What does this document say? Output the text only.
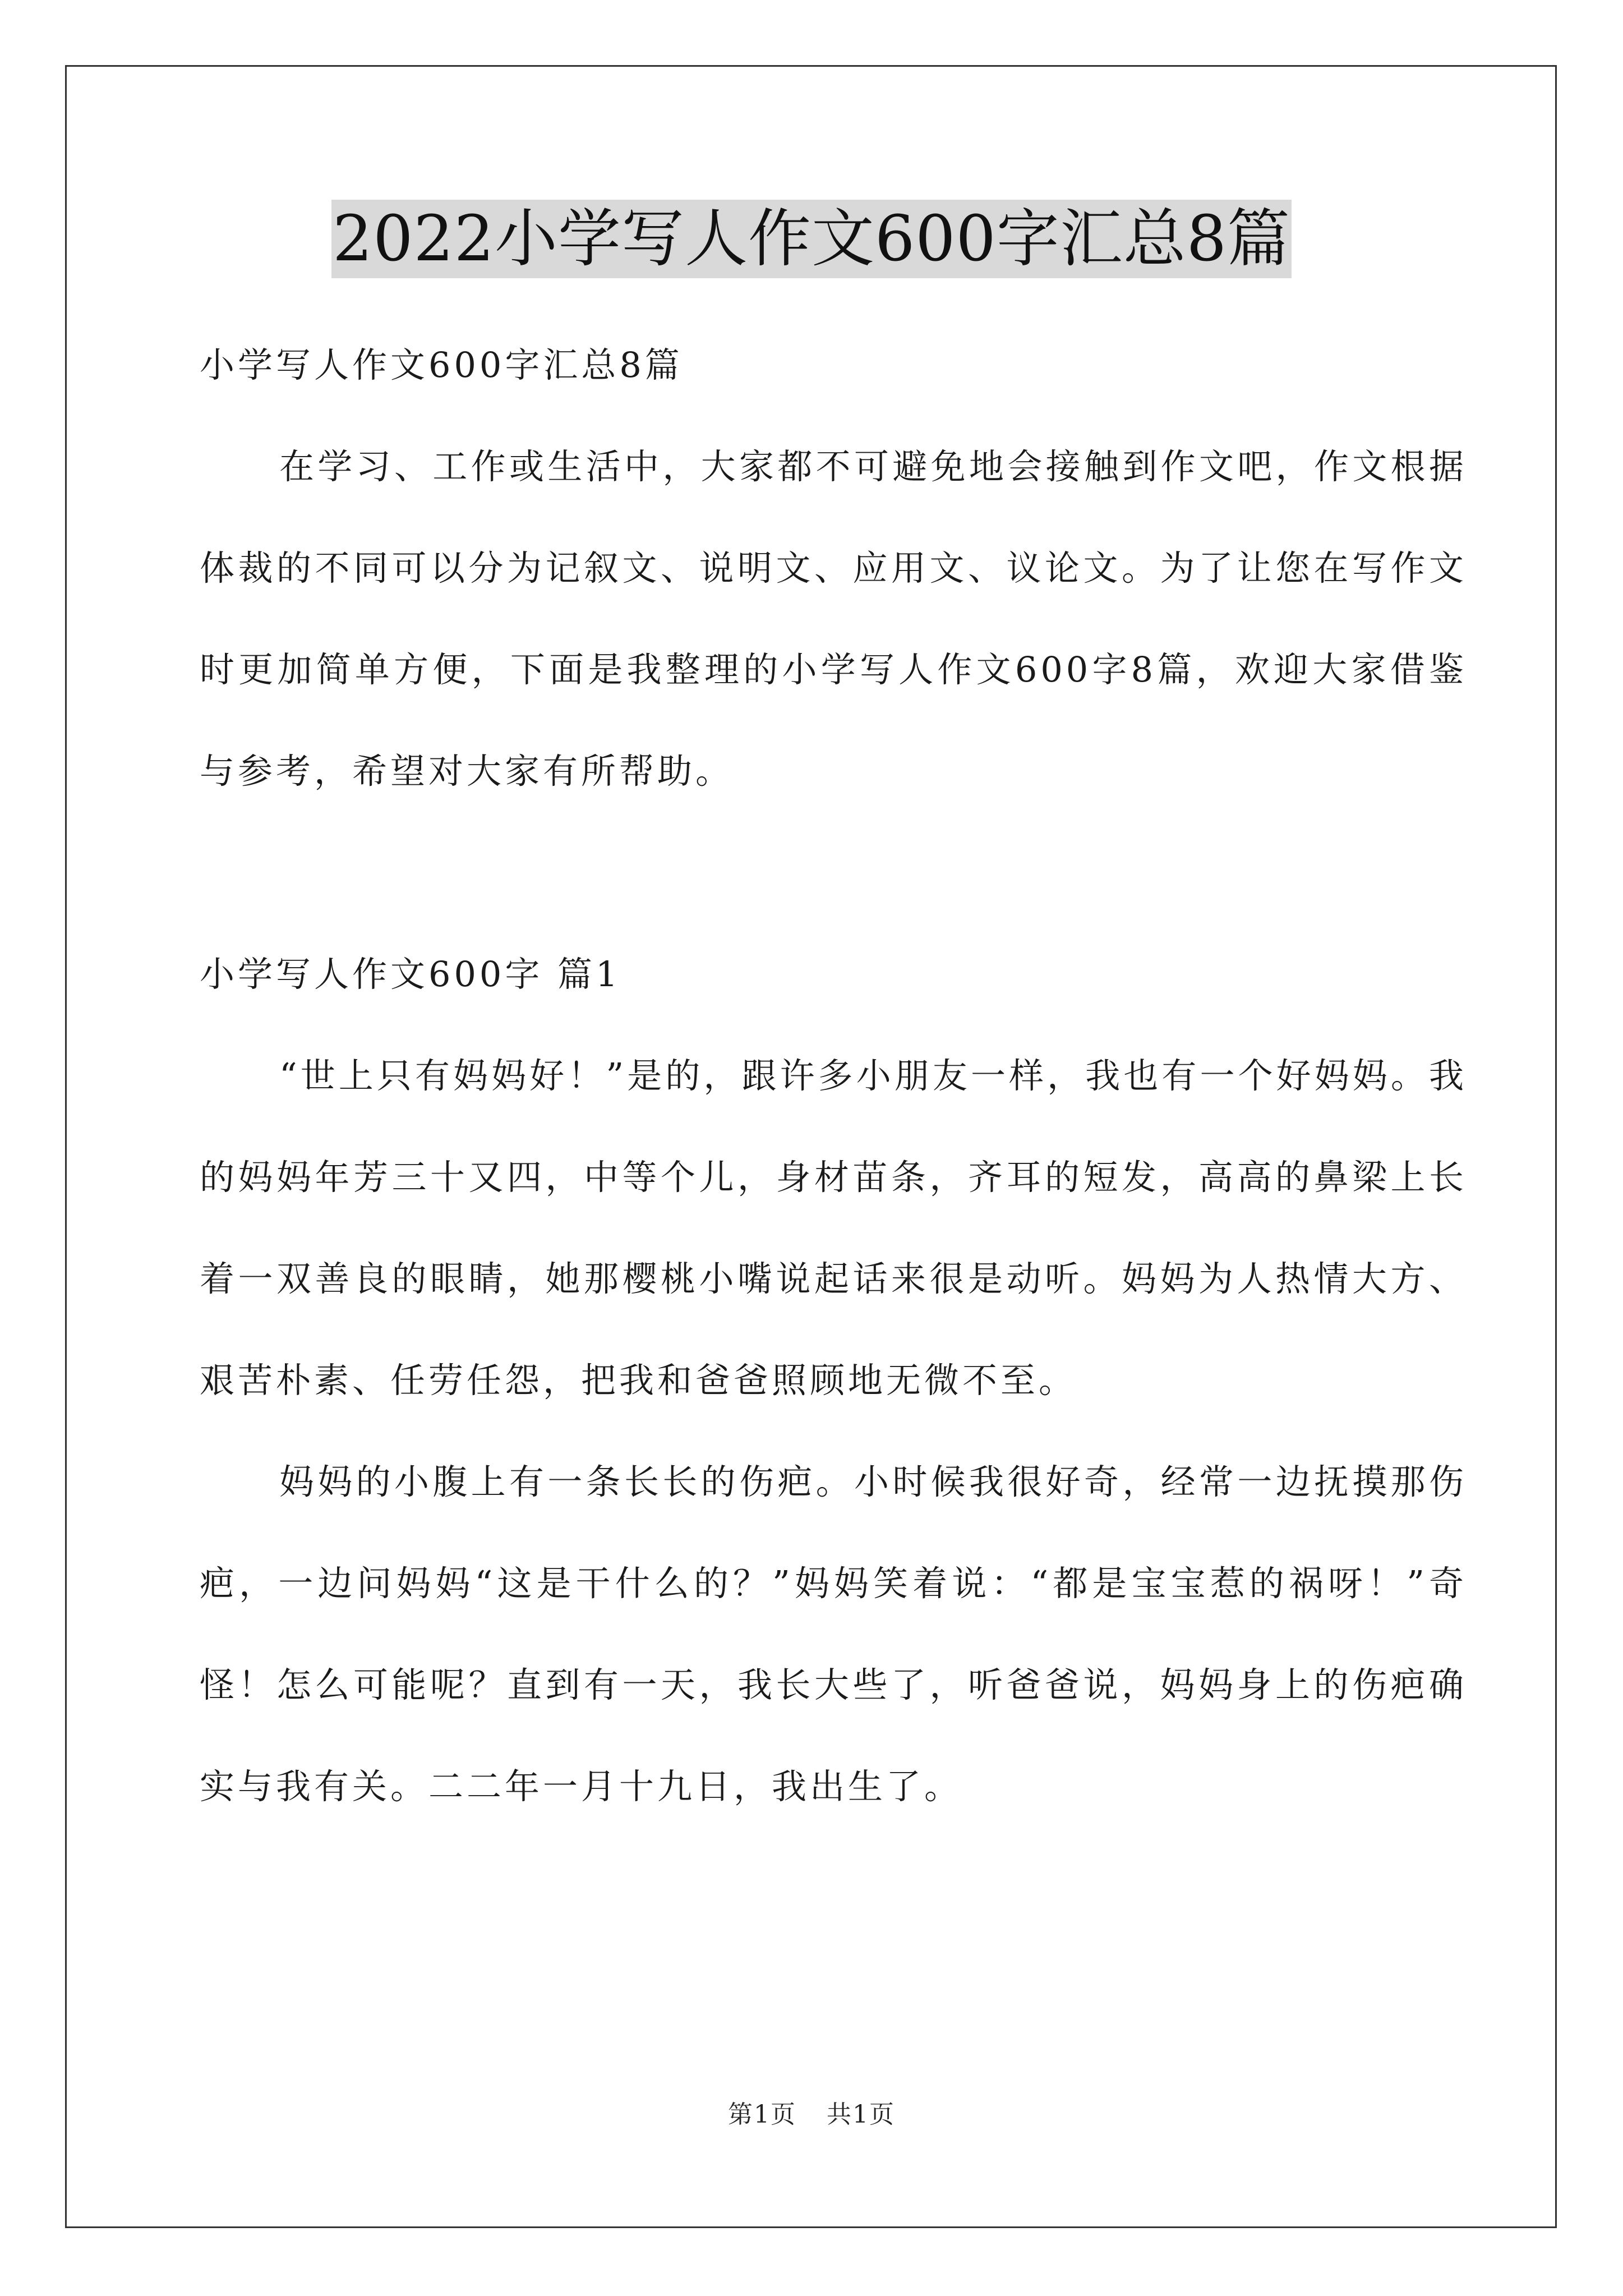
2022小学写人作文600字汇总8篇

小学写人作文600字汇总8篇

在学习、工作或生活中，大家都不可避免地会接触到作文吧，作文根据体裁的不同可以分为记叙文、说明文、应用文、议论文。为了让您在写作文时更加简单方便，下面是我整理的小学写人作文600字8篇，欢迎大家借鉴与参考，希望对大家有所帮助。

小学写人作文600字 篇1

“世上只有妈妈好！”是的，跟许多小朋友一样，我也有一个好妈妈。我的妈妈年芳三十又四，中等个儿，身材苗条，齐耳的短发，高高的鼻梁上长着一双善良的眼睛，她那樱桃小嘴说起话来很是动听。妈妈为人热情大方、艰苦朴素、任劳任怨，把我和爸爸照顾地无微不至。

妈妈的小腹上有一条长长的伤疤。小时候我很好奇，经常一边抚摸那伤疤，一边问妈妈“这是干什么的？”妈妈笑着说：“都是宝宝惹的祸呀！”奇怪！怎么可能呢？直到有一天，我长大些了，听爸爸说，妈妈身上的伤疤确实与我有关。二二年一月十九日，我出生了。

第1页 共1页
